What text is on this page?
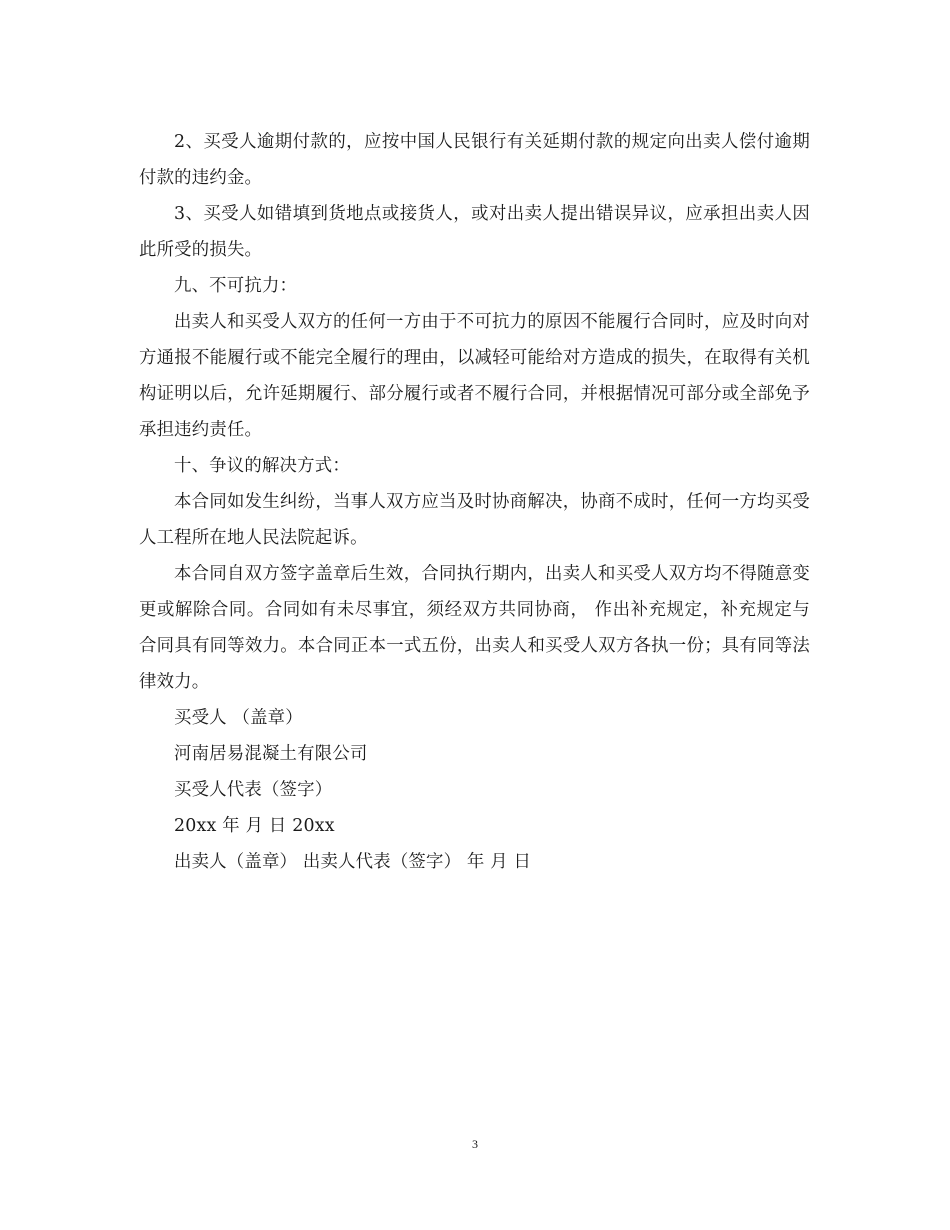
2、买受人逾期付款的，应按中国人民银行有关延期付款的规定向出卖人偿付逾期付款的违约金。

3、买受人如错填到货地点或接货人，或对出卖人提出错误异议，应承担出卖人因此所受的损失。

九、不可抗力：

出卖人和买受人双方的任何一方由于不可抗力的原因不能履行合同时，应及时向对方通报不能履行或不能完全履行的理由，以减轻可能给对方造成的损失，在取得有关机构证明以后，允许延期履行、部分履行或者不履行合同，并根据情况可部分或全部免予承担违约责任。

十、争议的解决方式：

本合同如发生纠纷，当事人双方应当及时协商解决，协商不成时，任何一方均买受人工程所在地人民法院起诉。

本合同自双方签字盖章后生效，合同执行期内，出卖人和买受人双方均不得随意变更或解除合同。合同如有未尽事宜，须经双方共同协商， 作出补充规定，补充规定与合同具有同等效力。本合同正本一式五份，出卖人和买受人双方各执一份；具有同等法律效力。

买受人 （盖章）

河南居易混凝土有限公司

买受人代表（签字）

20xx 年 月 日 20xx

出卖人（盖章） 出卖人代表（签字） 年 月 日

3
